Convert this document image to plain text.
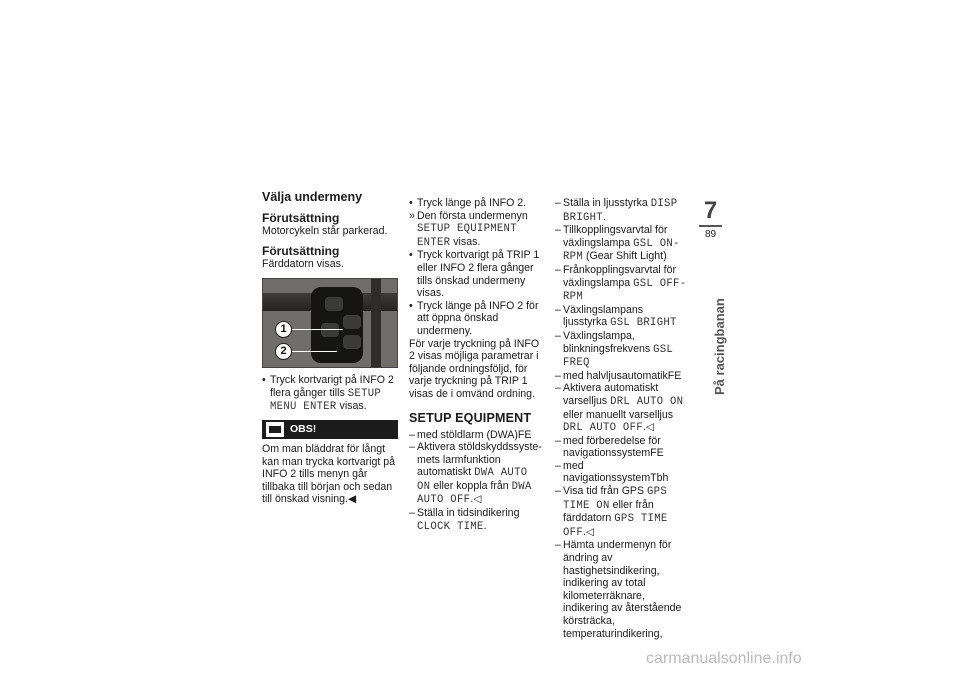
Välja undermeny
Förutsättning

Motorcykeln står parkerad.

Förutsättning

Färddatorn visas.

1
2
• Tryck kortvarigt på INFO 2 flera gånger tills SETUP MENU ENTER visas.
OBS!

Om man bläddrat för långt kan man trycka kortvarigt på INFO 2 tills menyn går tillbaka till början och sedan till önskad visning.◀

• Tryck länge på INFO 2.
» Den första undermenyn SETUP EQUIPMENT ENTER visas.
• Tryck kortvarigt på TRIP 1 eller INFO 2 flera gånger tills önskad undermeny visas.
• Tryck länge på INFO 2 för att öppna önskad undermeny.

För varje tryckning på INFO 2 visas möjliga parametrar i följande ordningsföljd, för varje tryckning på TRIP 1 visas de i omvänd ordning.

SETUP EQUIPMENT
– med stöldlarm (DWA)FE
– Aktivera stöldskyddssystemets larmfunktion automatiskt DWA AUTO ON eller koppla från DWA AUTO OFF.◁
– Ställa in tidsindikering CLOCK TIME.
– Ställa in ljusstyrka DISP BRIGHT.
– Tillkopplingsvarvtal för växlingslampa GSL ON-RPM (Gear Shift Light)
– Frånkopplingsvarvtal för växlingslampa GSL OFF-RPM
– Växlingslampans ljusstyrka GSL BRIGHT
– Växlingslampa, blinkningsfrekvens GSL FREQ
– med halvljusautomatikFE
– Aktivera automatiskt varselljus DRL AUTO ON eller manuellt varselljus DRL AUTO OFF.◁
– med förberedelse för navigationssystemFE
– med navigationssystemTbh
– Visa tid från GPS GPS TIME ON eller från färddatorn GPS TIME OFF.◁
– Hämta undermenyn för ändring av hastighetsindikering, indikering av total kilometerräknare, indikering av återstående körsträcka, temperaturindikering,
7
89
På racingbanan
carmanualsonline.info
